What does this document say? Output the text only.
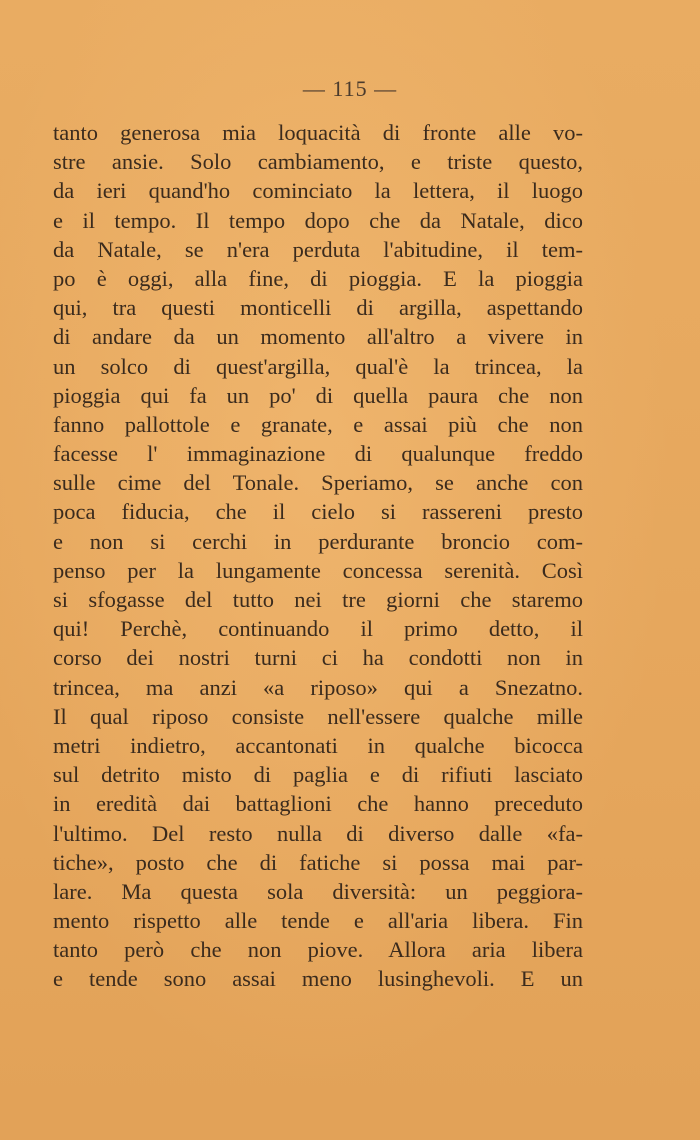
— 115 —
tanto generosa mia loquacità di fronte alle vo-
stre ansie. Solo cambiamento, e triste questo,
da ieri quand'ho cominciato la lettera, il luogo
e il tempo. Il tempo dopo che da Natale, dico
da Natale, se n'era perduta l'abitudine, il tem-
po è oggi, alla fine, di pioggia. E la pioggia
qui, tra questi monticelli di argilla, aspettando
di andare da un momento all'altro a vivere in
un solco di quest'argilla, qual'è la trincea, la
pioggia qui fa un po' di quella paura che non
fanno pallottole e granate, e assai più che non
facesse l' immaginazione di qualunque freddo
sulle cime del Tonale. Speriamo, se anche con
poca fiducia, che il cielo si rassereni presto
e non si cerchi in perdurante broncio com-
penso per la lungamente concessa serenità. Così
si sfogasse del tutto nei tre giorni che staremo
qui! Perchè, continuando il primo detto, il
corso dei nostri turni ci ha condotti non in
trincea, ma anzi «a riposo» qui a Snezatno.
Il qual riposo consiste nell'essere qualche mille
metri indietro, accantonati in qualche bicocca
sul detrito misto di paglia e di rifiuti lasciato
in eredità dai battaglioni che hanno preceduto
l'ultimo. Del resto nulla di diverso dalle «fa-
tiche», posto che di fatiche si possa mai par-
lare. Ma questa sola diversità: un peggiora-
mento rispetto alle tende e all'aria libera. Fin
tanto però che non piove. Allora aria libera
e tende sono assai meno lusinghevoli. E un
